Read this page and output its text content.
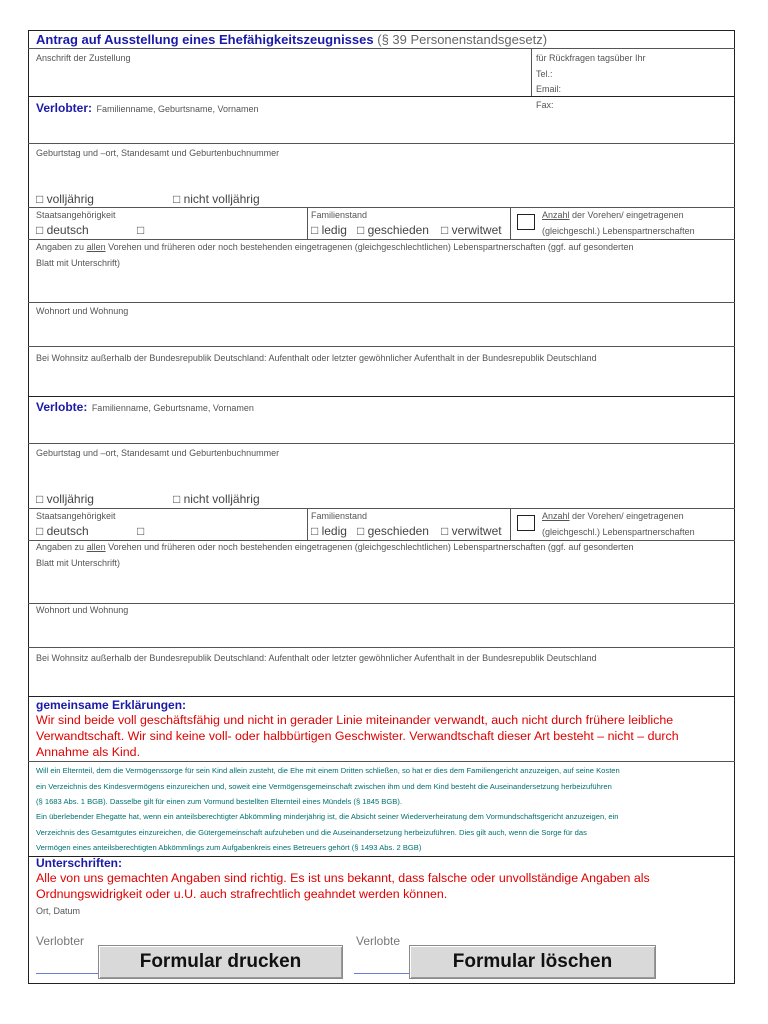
Antrag auf Ausstellung eines Ehefähigkeitszeugnisses (§ 39 Personenstandsgesetz)
Anschrift der Zustellung	für Rückfragen tagsüber Ihr
Tel.:
Email:
Verlobter: Familienname, Geburtsname, Vornamen	Fax:
Geburtstag und –ort, Standesamt und Geburtenbuchnummer
□ volljährig	□ nicht volljährig
Staatsangehörigkeit
□ deutsch	□
Familienstand
□ ledig □ geschieden □ verwitwet
Anzahl der Vorehen/ eingetragenen
(gleichgeschl.) Lebenspartnerschaften
Angaben zu allen Vorehen und früheren oder noch bestehenden eingetragenen (gleichgeschlechtlichen) Lebenspartnerschaften (ggf. auf gesonderten
Blatt mit Unterschrift)
Wohnort und Wohnung
Bei Wohnsitz außerhalb der Bundesrepublik Deutschland: Aufenthalt oder letzter gewöhnlicher Aufenthalt in der Bundesrepublik Deutschland
Verlobte: Familienname, Geburtsname, Vornamen
Geburtstag und –ort, Standesamt und Geburtenbuchnummer
□ volljährig	□ nicht volljährig
Staatsangehörigkeit
□ deutsch	□
Familienstand
□ ledig □ geschieden □ verwitwet
Anzahl der Vorehen/ eingetragenen
(gleichgeschl.) Lebenspartnerschaften
Angaben zu allen Vorehen und früheren oder noch bestehenden eingetragenen (gleichgeschlechtlichen) Lebenspartnerschaften (ggf. auf gesonderten
Blatt mit Unterschrift)
Wohnort und Wohnung
Bei Wohnsitz außerhalb der Bundesrepublik Deutschland: Aufenthalt oder letzter gewöhnlicher Aufenthalt in der Bundesrepublik Deutschland
gemeinsame Erklärungen:
Wir sind beide voll geschäftsfähig und nicht in gerader Linie miteinander verwandt, auch nicht durch frühere leibliche
Verwandtschaft. Wir sind keine voll- oder halbbürtigen Geschwister. Verwandtschaft dieser Art besteht – nicht – durch
Annahme als Kind.
Will ein Elternteil, dem die Vermögenssorge für sein Kind allein zusteht, die Ehe mit einem Dritten schließen, so hat er dies dem Familiengericht anzuzeigen, auf seine Kosten
ein Verzeichnis des Kindesvermögens einzureichen und, soweit eine Vermögensgemeinschaft zwischen ihm und dem Kind besteht die Auseinandersetzung herbeizuführen
(§ 1683 Abs. 1 BGB). Dasselbe gilt für einen zum Vormund bestellten Elternteil eines Mündels (§ 1845 BGB).
Ein überlebender Ehegatte hat, wenn ein anteilsberechtigter Abkömmling minderjährig ist, die Absicht seiner Wiederverheiratung dem Vormundschaftsgericht anzuzeigen, ein
Verzeichnis des Gesamtgutes einzureichen, die Gütergemeinschaft aufzuheben und die Auseinandersetzung herbeizuführen. Dies gilt auch, wenn die Sorge für das
Vermögen eines anteilsberechtigten Abkömmlings zum Aufgabenkreis eines Betreuers gehört (§ 1493 Abs. 2 BGB)
Unterschriften:
Alle von uns gemachten Angaben sind richtig. Es ist uns bekannt, dass falsche oder unvollständige Angaben als
Ordnungswidrigkeit oder u.U. auch strafrechtlich geahndet werden können.
Ort, Datum
Verlobter
Formular drucken
Verlobte
Formular löschen
